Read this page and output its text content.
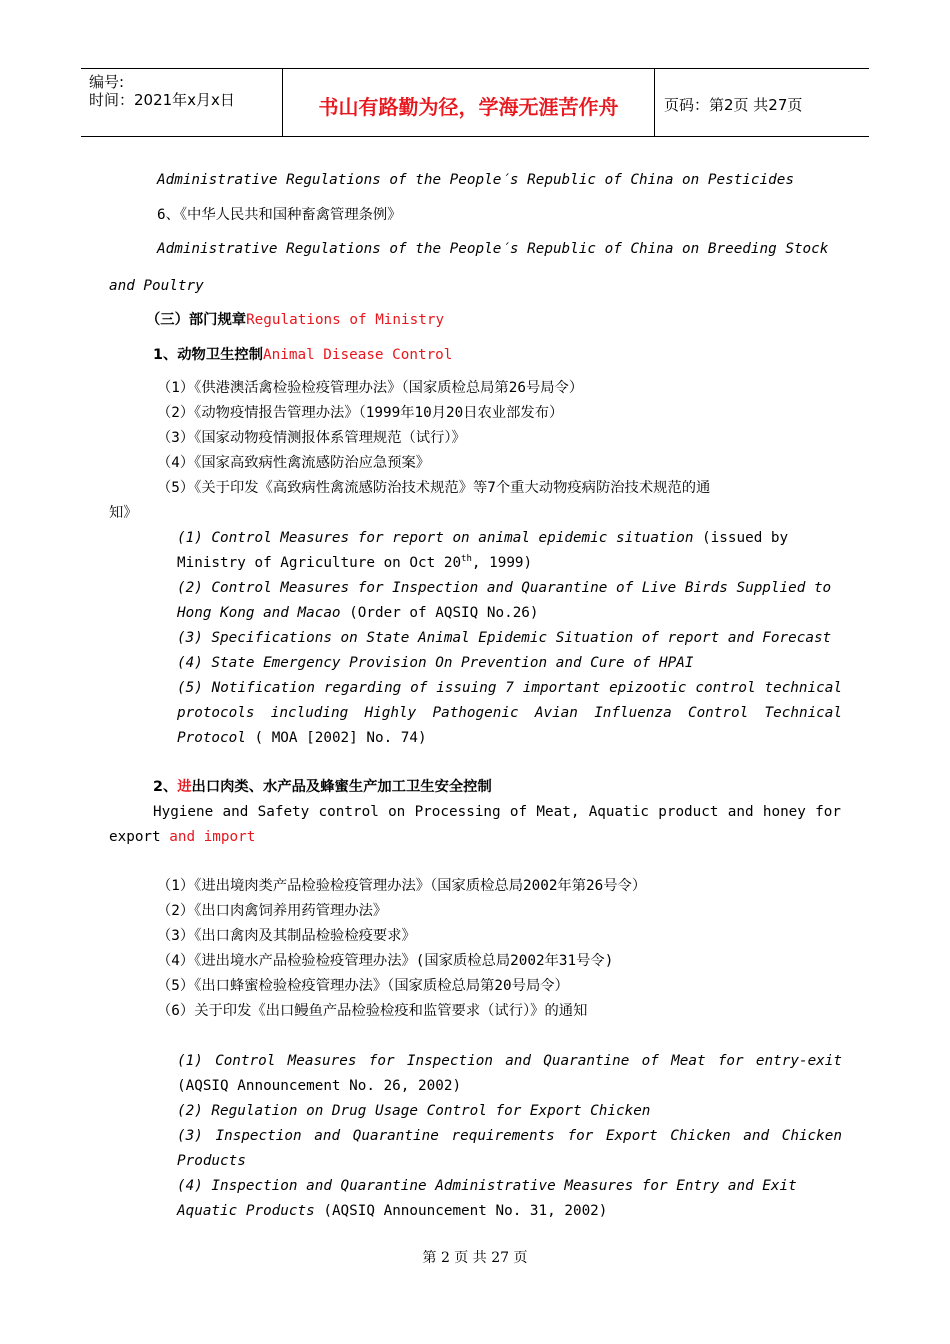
编号:
时间：2021年x月x日	书山有路勤为径，学海无涯苦作舟	页码：第2页 共27页
Administrative Regulations of the People′s Republic of China on Pesticides
6、《中华人民共和国种畜禽管理条例》
Administrative Regulations of the People′s Republic of China on Breeding Stock
and Poultry
（三）部门规章Regulations of Ministry
1、动物卫生控制Animal Disease Control
（1）《供港澳活禽检验检疫管理办法》（国家质检总局第26号局令）
（2）《动物疫情报告管理办法》（1999年10月20日农业部发布）
（3）《国家动物疫情测报体系管理规范（试行）》
（4）《国家高致病性禽流感防治应急预案》
（5）《关于印发《高致病性禽流感防治技术规范》等7个重大动物疫病防治技术规范的通
知》
(1) Control Measures for report on animal epidemic situation (issued by
Ministry of Agriculture on Oct 20th, 1999)
(2) Control Measures for Inspection and Quarantine of Live Birds Supplied to
Hong Kong and Macao (Order of AQSIQ No.26)
(3) Specifications on State Animal Epidemic Situation of report and Forecast
(4) State Emergency Provision On Prevention and Cure of HPAI
(5) Notification regarding of issuing 7 important epizootic control technical
protocols including Highly Pathogenic Avian Influenza Control Technical
Protocol ( MOA [2002] No. 74)
2、进出口肉类、水产品及蜂蜜生产加工卫生安全控制
Hygiene and Safety control on Processing of Meat, Aquatic product and honey for
export and import
（1）《进出境肉类产品检验检疫管理办法》（国家质检总局2002年第26号令）
（2）《出口肉禽饲养用药管理办法》
（3）《出口禽肉及其制品检验检疫要求》
（4）《进出境水产品检验检疫管理办法》(国家质检总局2002年31号令)
（5）《出口蜂蜜检验检疫管理办法》（国家质检总局第20号局令）
（6）关于印发《出口鳗鱼产品检验检疫和监管要求（试行）》的通知
(1) Control Measures for Inspection and Quarantine of Meat for entry-exit
(AQSIQ Announcement No. 26, 2002)
(2) Regulation on Drug Usage Control for Export Chicken
(3) Inspection and Quarantine requirements for Export Chicken and Chicken
Products
(4) Inspection and Quarantine Administrative Measures for Entry and Exit
Aquatic Products (AQSIQ Announcement No. 31, 2002)
第 2 页 共 27 页
